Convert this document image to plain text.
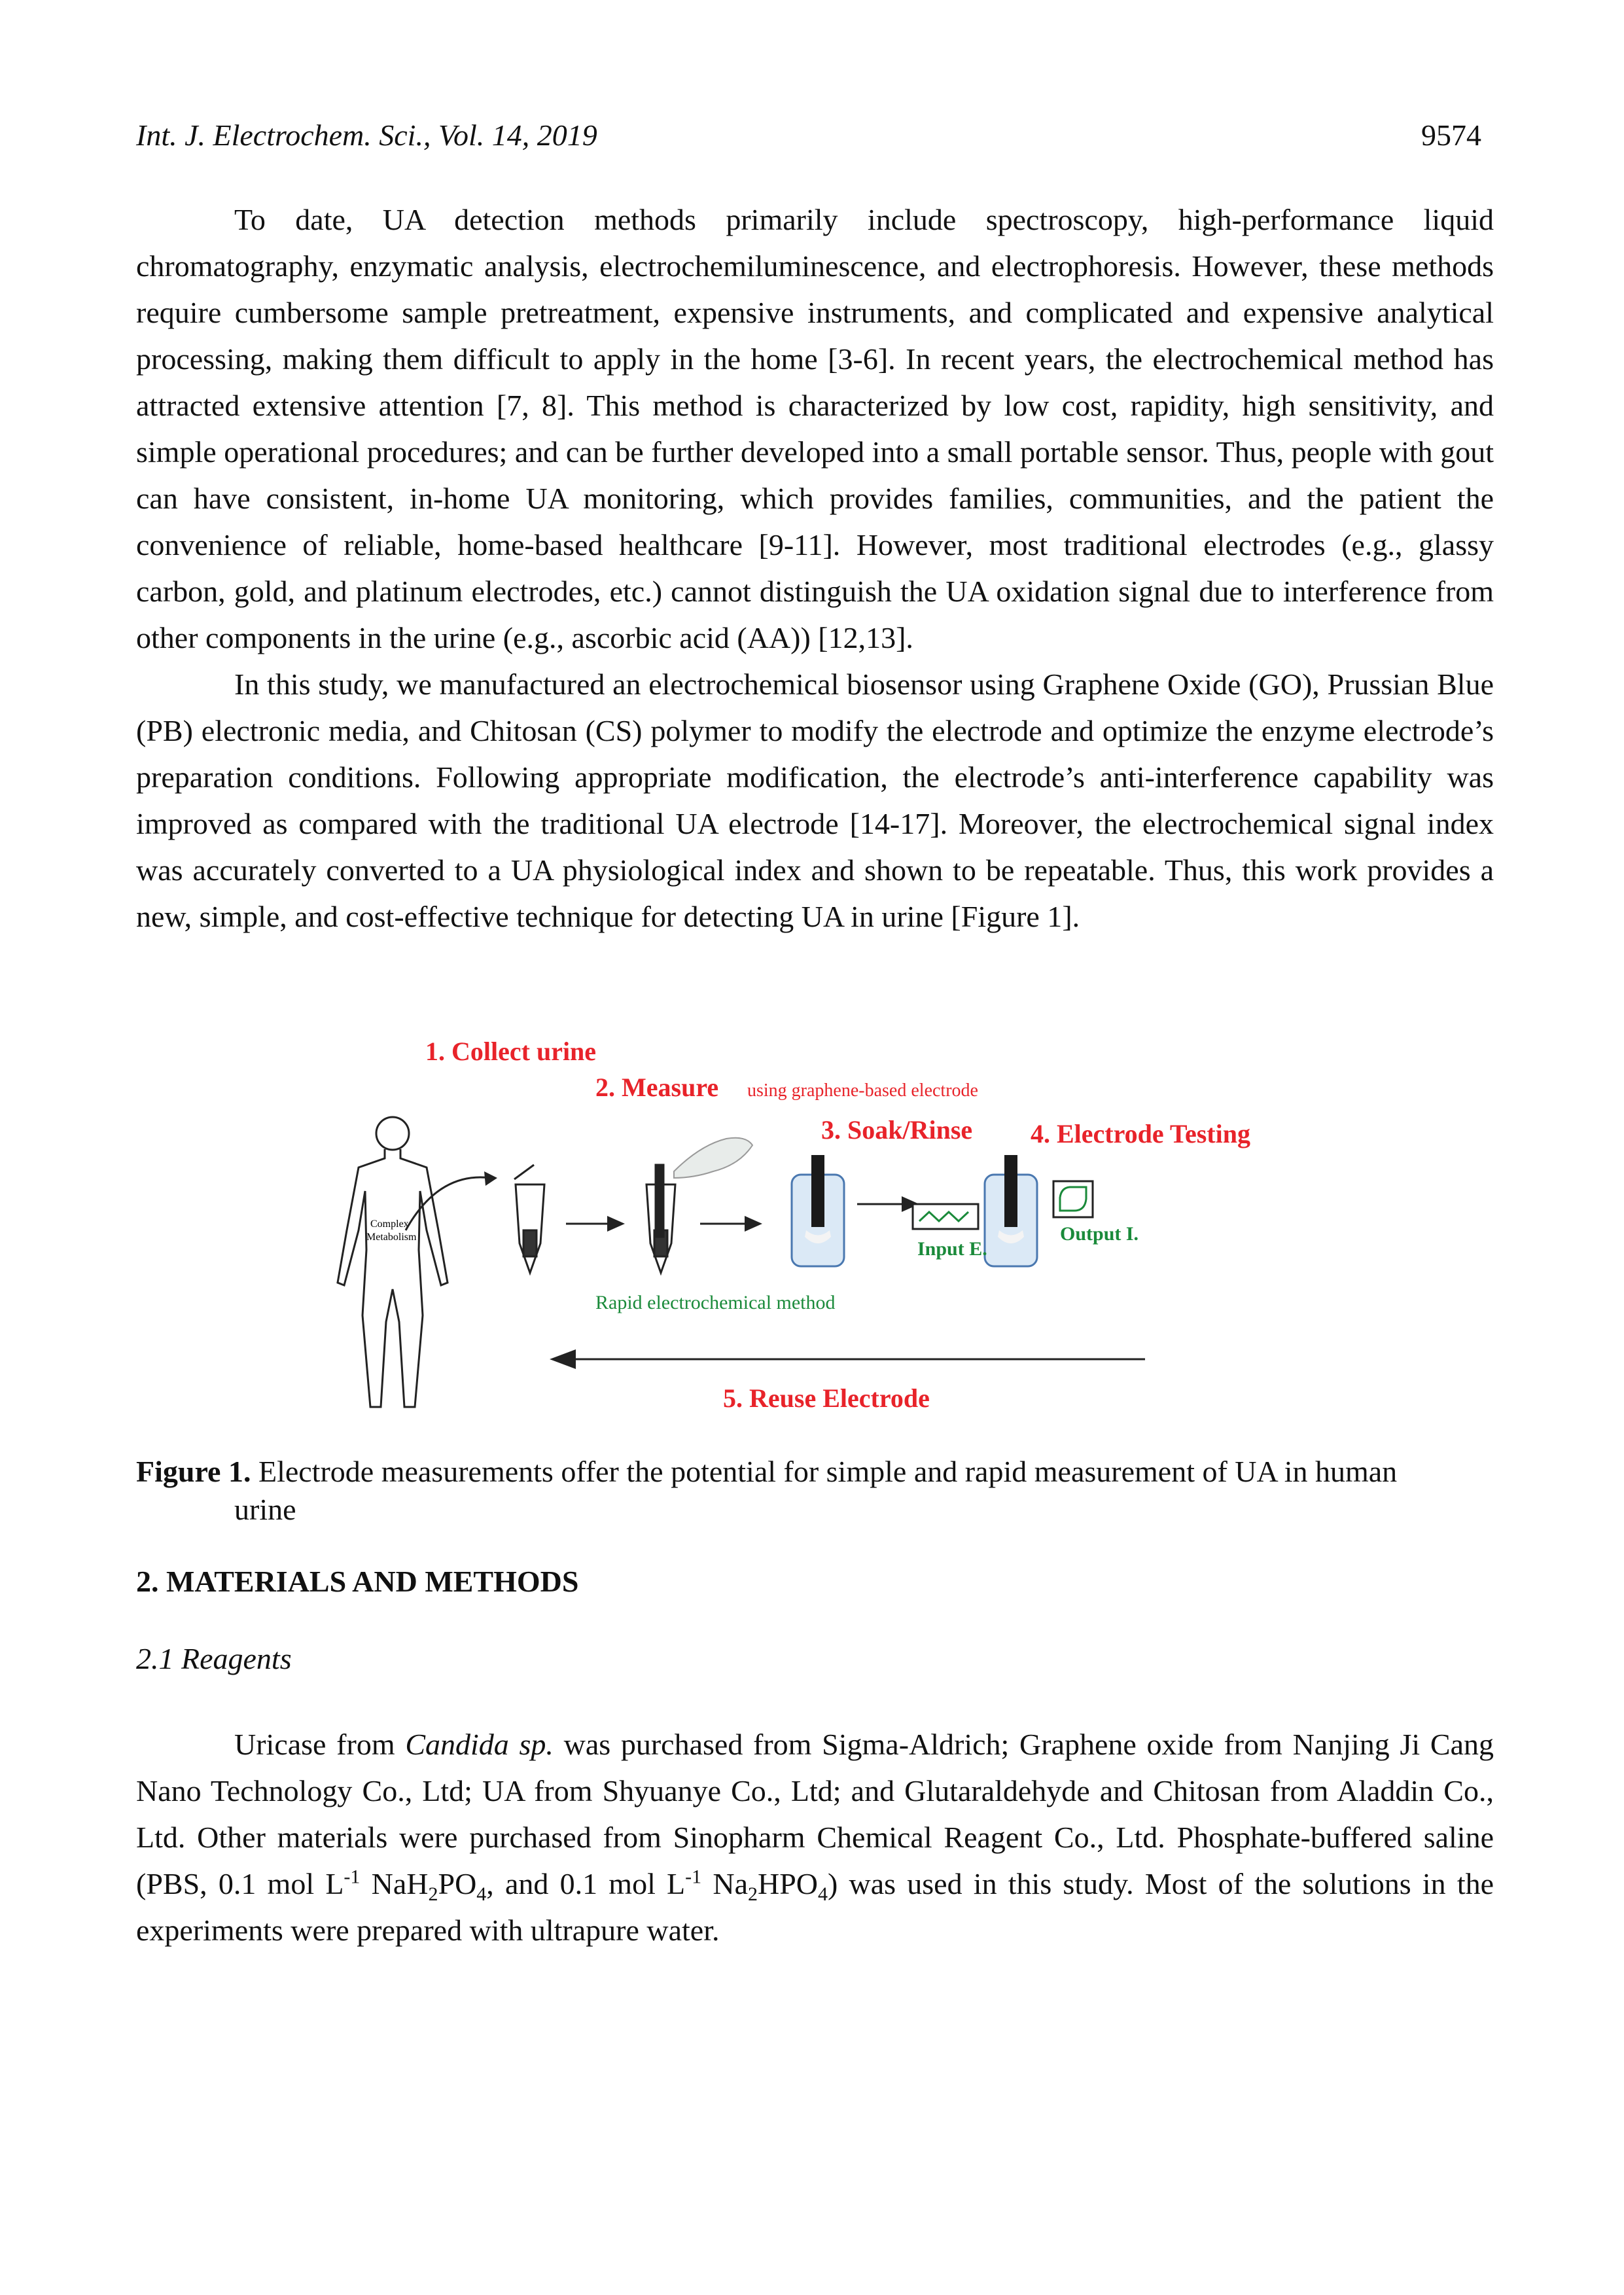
Int. J. Electrochem. Sci., Vol. 14, 2019	9574

To date, UA detection methods primarily include spectroscopy, high-performance liquid chromatography, enzymatic analysis, electrochemiluminescence, and electrophoresis. However, these methods require cumbersome sample pretreatment, expensive instruments, and complicated and expensive analytical processing, making them difficult to apply in the home [3-6]. In recent years, the electrochemical method has attracted extensive attention [7, 8]. This method is characterized by low cost, rapidity, high sensitivity, and simple operational procedures; and can be further developed into a small portable sensor. Thus, people with gout can have consistent, in-home UA monitoring, which provides families, communities, and the patient the convenience of reliable, home-based healthcare [9-11]. However, most traditional electrodes (e.g., glassy carbon, gold, and platinum electrodes, etc.) cannot distinguish the UA oxidation signal due to interference from other components in the urine (e.g., ascorbic acid (AA)) [12,13].

In this study, we manufactured an electrochemical biosensor using Graphene Oxide (GO), Prussian Blue (PB) electronic media, and Chitosan (CS) polymer to modify the electrode and optimize the enzyme electrode’s preparation conditions. Following appropriate modification, the electrode’s anti-interference capability was improved as compared with the traditional UA electrode [14-17]. Moreover, the electrochemical signal index was accurately converted to a UA physiological index and shown to be repeatable. Thus, this work provides a new, simple, and cost-effective technique for detecting UA in urine [Figure 1].

Complex
Metabolism
1. Collect urine
2. Measure using graphene-based electrode
3. Soak/Rinse 4. Electrode Testing
Input E.
Output I.
Rapid electrochemical method
5. Reuse Electrode
Figure 1. Electrode measurements offer the potential for simple and rapid measurement of UA in human
urine
2. MATERIALS AND METHODS
2.1 Reagents

Uricase from Candida sp. was purchased from Sigma-Aldrich; Graphene oxide from Nanjing Ji Cang Nano Technology Co., Ltd; UA from Shyuanye Co., Ltd; and Glutaraldehyde and Chitosan from Aladdin Co., Ltd. Other materials were purchased from Sinopharm Chemical Reagent Co., Ltd. Phosphate-buffered saline (PBS, 0.1 mol $L^{-1}$ $NaH_2PO_4$, and 0.1 mol $L^{-1}$ $Na_2HPO_4$) was used in this study. Most of the solutions in the experiments were prepared with ultrapure water.
